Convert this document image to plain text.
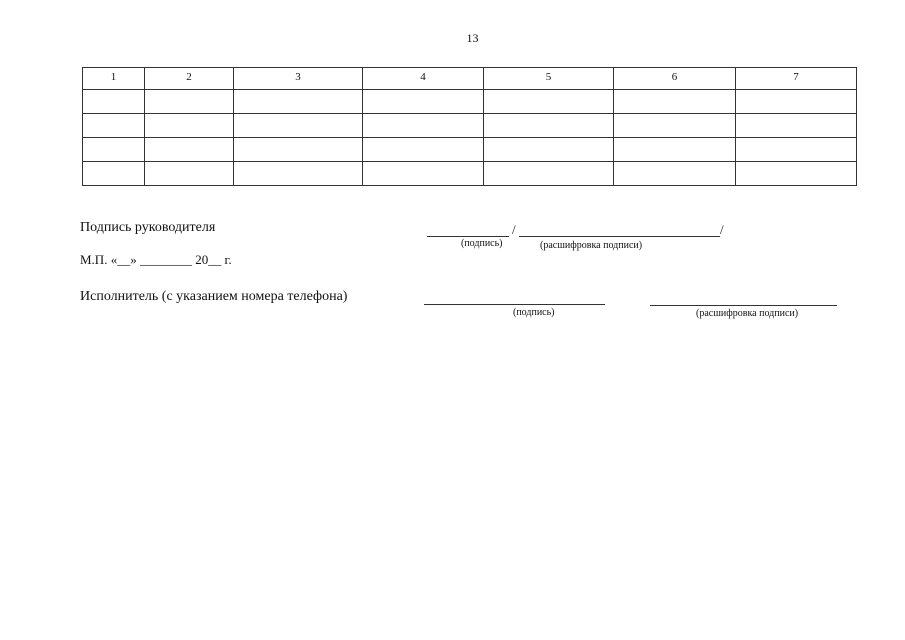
13
1	2	3	4	5	6	7

Подпись руководителя	/	/
(подпись)	(расшифровка подписи)
М.П. «__» ________ 20__ г.
Исполнитель (с указанием номера телефона)
(подпись)	(расшифровка подписи)
